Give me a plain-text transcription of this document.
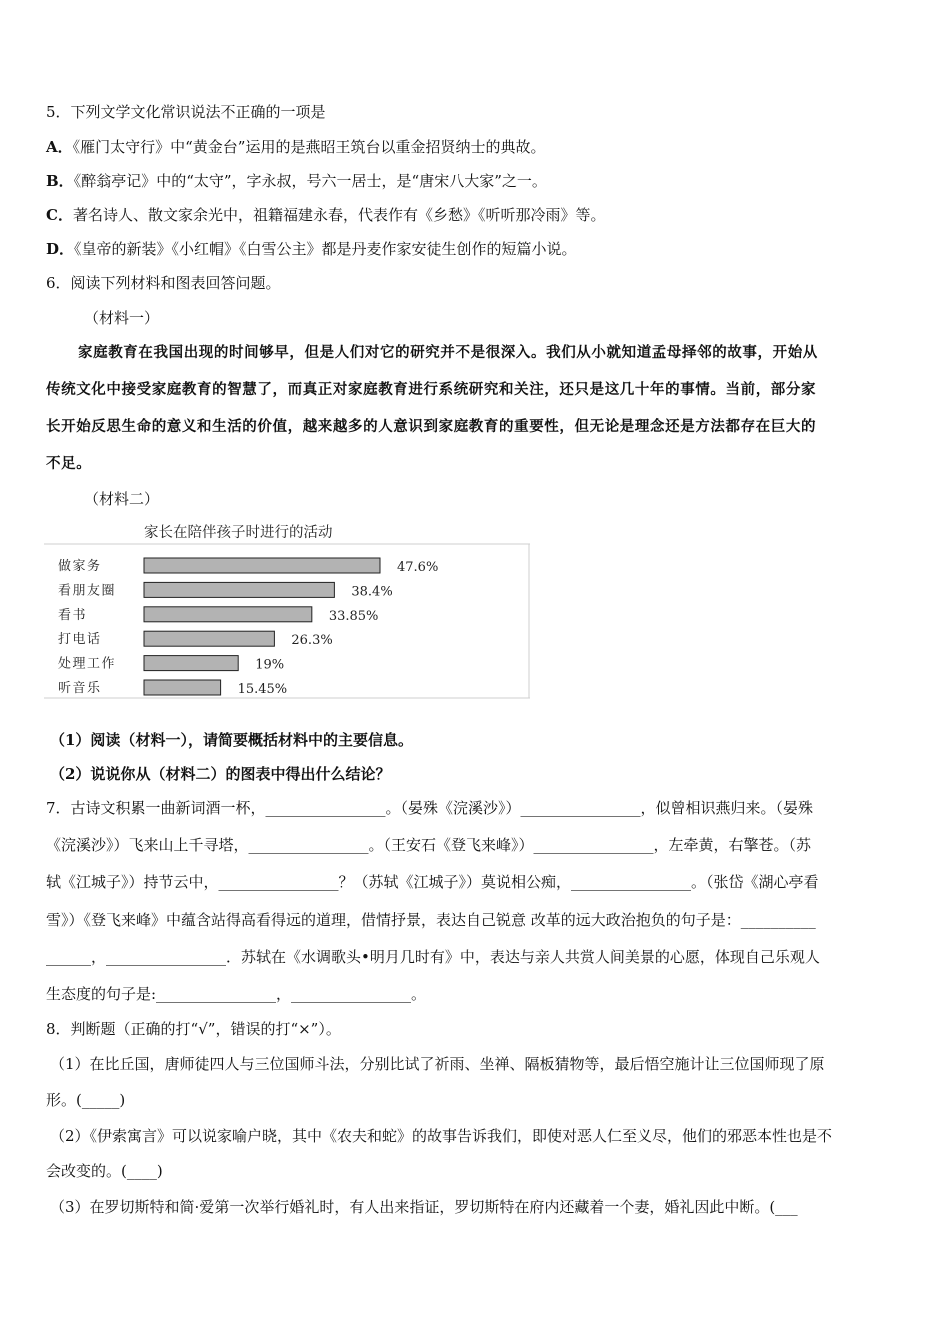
5．下列文学文化常识说法不正确的一项是
A．《雁门太守行》中“黄金台”运用的是燕昭王筑台以重金招贤纳士的典故。
B．《醉翁亭记》中的“太守”，字永叔，号六一居士，是“唐宋八大家”之一。
C．著名诗人、散文家余光中，祖籍福建永春，代表作有《乡愁》《听听那冷雨》等。
D．《皇帝的新装》《小红帽》《白雪公主》都是丹麦作家安徒生创作的短篇小说。
6．阅读下列材料和图表回答问题。
（材料一）
家庭教育在我国出现的时间够早，但是人们对它的研究并不是很深入。我们从小就知道孟母择邻的故事，开始从
传统文化中接受家庭教育的智慧了，而真正对家庭教育进行系统研究和关注，还只是这几十年的事情。当前，部分家
长开始反思生命的意义和生活的价值，越来越多的人意识到家庭教育的重要性，但无论是理念还是方法都存在巨大的
不足。
（材料二）
家长在陪伴孩子时进行的活动
做家务	47.6%
看朋友圈	38.4%
看书	33.85%
打电话	26.3%
处理工作	19%
听音乐	15.45%
（1）阅读（材料一），请简要概括材料中的主要信息。
（2）说说你从（材料二）的图表中得出什么结论？
7．古诗文积累一曲新词酒一杯，________________。（晏殊《浣溪沙》）________________，似曾相识燕归来。（晏殊
《浣溪沙》）飞来山上千寻塔，________________。（王安石《登飞来峰》）________________，左牵黄，右擎苍。（苏
轼《江城子》）持节云中，________________？（苏轼《江城子》）莫说相公痴，________________。（张岱《湖心亭看
雪》）《登飞来峰》中蕴含站得高看得远的道理，借情抒景，表达自己锐意 改革的远大政治抱负的句子是：__________
______，________________．苏轼在《水调歌头•明月几时有》中，表达与亲人共赏人间美景的心愿，体现自己乐观人
生态度的句子是:________________，________________。
8．判断题（正确的打“√”，错误的打“×”）。
（1）在比丘国，唐师徒四人与三位国师斗法，分别比试了祈雨、坐禅、隔板猜物等，最后悟空施计让三位国师现了原
形。(_____)
（2）《伊索寓言》可以说家喻户晓，其中《农夫和蛇》的故事告诉我们，即使对恶人仁至义尽，他们的邪恶本性也是不
会改变的。(____)
（3）在罗切斯特和简·爱第一次举行婚礼时，有人出来指证，罗切斯特在府内还藏着一个妻，婚礼因此中断。(___
